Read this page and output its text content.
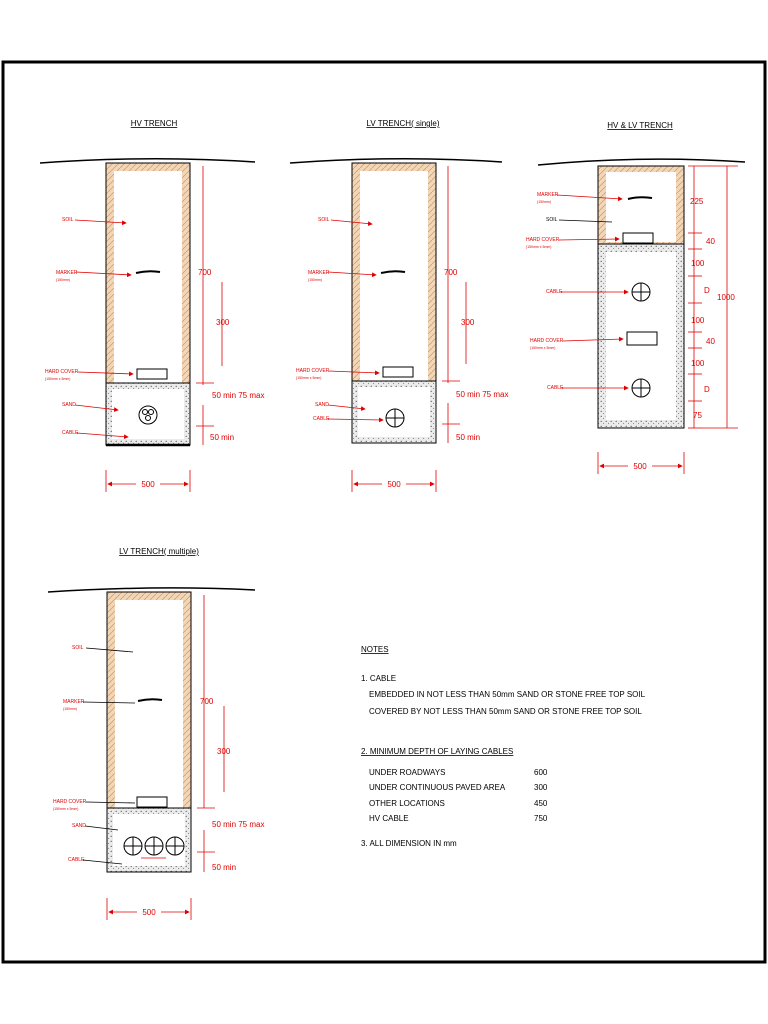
HV TRENCH
SOIL
MARKER
(150mm)
HARD COVER
(150mm x 5mm)
SAND
CABLE
700
300
50 min 75 max
50 min
500
LV TRENCH( single)
SOIL
MARKER
(150mm)
HARD COVER
(150mm x 5mm)
SAND
CABLE
700
300
50 min 75 max
50 min
500
HV & LV TRENCH
MARKER
(150mm)
SOIL
HARD COVER
(150mm x 5mm)
CABLE
HARD COVER
(150mm x 5mm)
CABLE
225
40
100
D
100
40
100
D
75
1000
500
LV TRENCH( multiple)
SOIL
MARKER
(150mm)
HARD COVER
(150mm x 5mm)
SAND
CABLE
700
300
50 min 75 max
50 min
500
NOTES
1. CABLE
EMBEDDED IN NOT LESS THAN 50mm SAND OR STONE FREE TOP SOIL
COVERED BY NOT LESS THAN 50mm SAND OR STONE FREE TOP SOIL
2. MINIMUM DEPTH OF LAYING CABLES
UNDER ROADWAYS	600
UNDER CONTINUOUS PAVED AREA	300
OTHER LOCATIONS	450
HV CABLE	750
3. ALL DIMENSION IN mm
